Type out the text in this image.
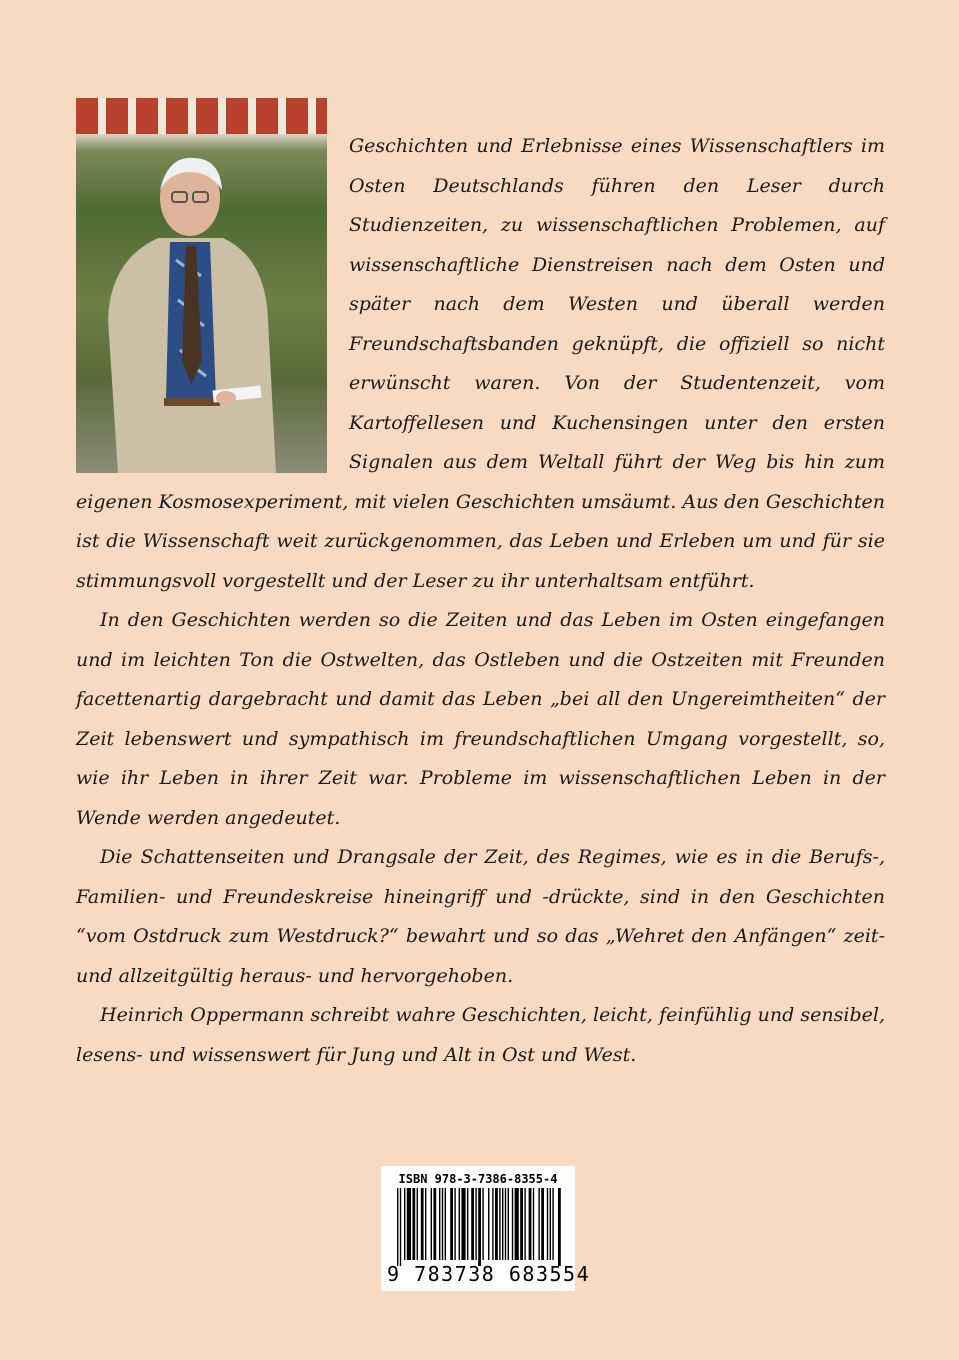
Geschichten und Erlebnisse eines Wissenschaftlers im Osten Deutschlands führen den Leser durch Studienzeiten, zu wissenschaftlichen Problemen, auf wissenschaftliche Dienstreisen nach dem Osten und später nach dem Westen und überall werden Freundschaftsbanden geknüpft, die offiziell so nicht erwünscht waren. Von der Studentenzeit, vom Kartoffellesen und Kuchensingen unter den ersten Signalen aus dem Weltall führt der Weg bis hin zum eigenen Kosmosexperiment, mit vielen Geschichten umsäumt. Aus den Geschichten ist die Wissenschaft weit zurückgenommen, das Leben und Erleben um und für sie stimmungsvoll vorgestellt und der Leser zu ihr unterhaltsam entführt.

In den Geschichten werden so die Zeiten und das Leben im Osten eingefangen und im leichten Ton die Ostwelten, das Ostleben und die Ostzeiten mit Freunden facettenartig dargebracht und damit das Leben „bei all den Ungereimtheiten“ der Zeit lebenswert und sympathisch im freundschaftlichen Umgang vorgestellt, so, wie ihr Leben in ihrer Zeit war. Probleme im wissenschaftlichen Leben in der Wende werden angedeutet.

Die Schattenseiten und Drangsale der Zeit, des Regimes, wie es in die Berufs-, Familien- und Freundeskreise hineingriff und -drückte, sind in den Geschichten “vom Ostdruck zum Westdruck?“ bewahrt und so das „Wehret den Anfängen“ zeit- und allzeitgültig heraus- und hervorgehoben.

Heinrich Oppermann schreibt wahre Geschichten, leicht, feinfühlig und sensibel, lesens- und wissenswert für Jung und Alt in Ost und West.

ISBN 978-3-7386-8355-4
9 783738 683554
